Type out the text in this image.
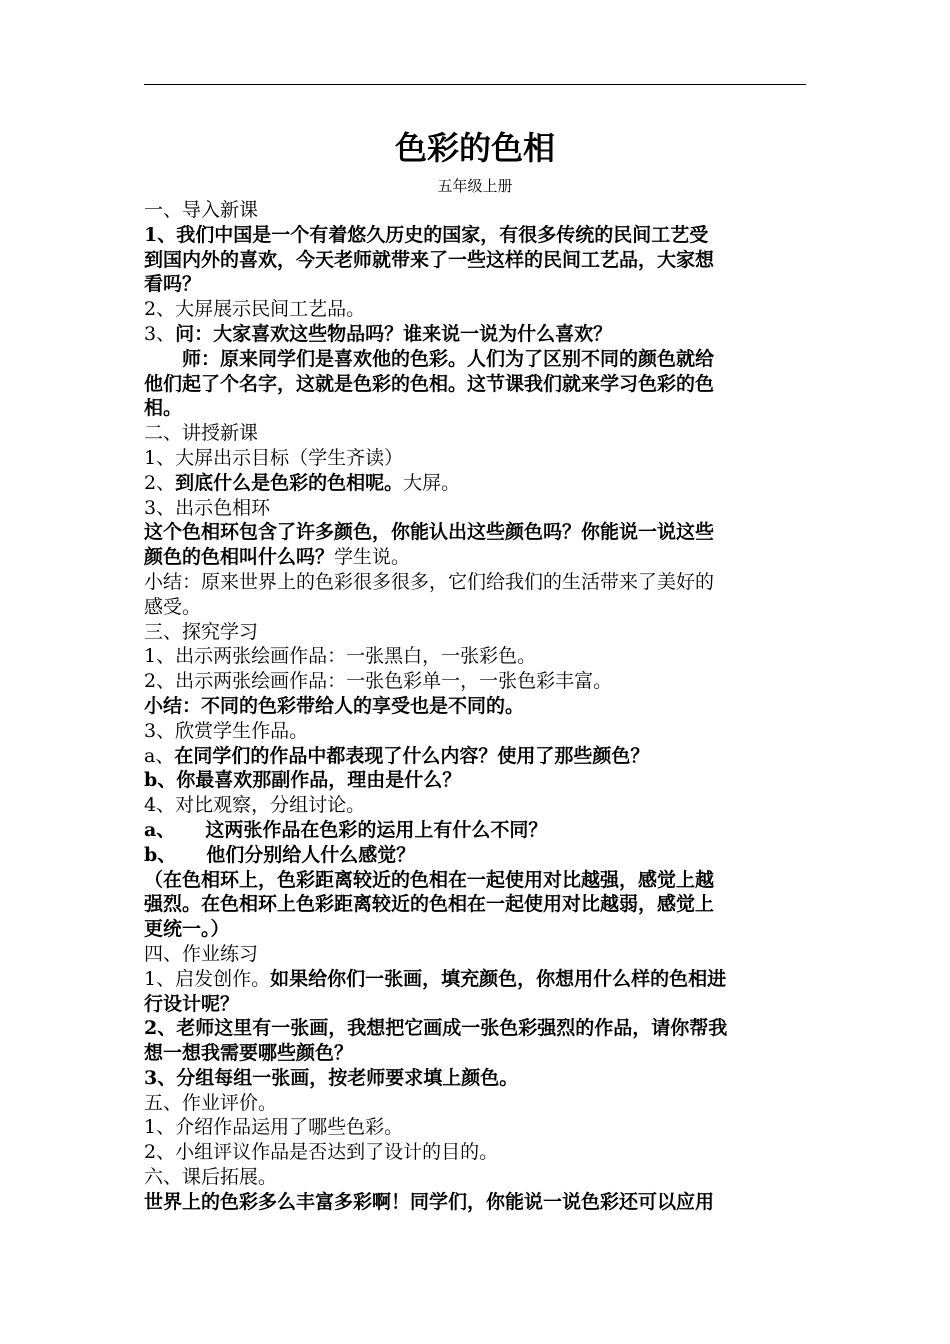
色彩的色相
五年级上册
一、导入新课
1、我们中国是一个有着悠久历史的国家，有很多传统的民间工艺受
到国内外的喜欢，今天老师就带来了一些这样的民间工艺品，大家想
看吗？
2、大屏展示民间工艺品。
3、问：大家喜欢这些物品吗？谁来说一说为什么喜欢？
师：原来同学们是喜欢他的色彩。人们为了区别不同的颜色就给
他们起了个名字，这就是色彩的色相。这节课我们就来学习色彩的色
相。
二、讲授新课
1、大屏出示目标（学生齐读）
2、到底什么是色彩的色相呢。大屏。
3、出示色相环
这个色相环包含了许多颜色，你能认出这些颜色吗？你能说一说这些
颜色的色相叫什么吗？学生说。
小结：原来世界上的色彩很多很多，它们给我们的生活带来了美好的
感受。
三、探究学习
1、出示两张绘画作品：一张黑白，一张彩色。
2、出示两张绘画作品：一张色彩单一，一张色彩丰富。
小结：不同的色彩带给人的享受也是不同的。
3、欣赏学生作品。
a、在同学们的作品中都表现了什么内容？使用了那些颜色？
b、你最喜欢那副作品，理由是什么？
4、对比观察，分组讨论。
a、 这两张作品在色彩的运用上有什么不同？
b、 他们分别给人什么感觉？
（在色相环上，色彩距离较近的色相在一起使用对比越强，感觉上越
强烈。在色相环上色彩距离较近的色相在一起使用对比越弱，感觉上
更统一。）
四、作业练习
1、启发创作。如果给你们一张画，填充颜色，你想用什么样的色相进
行设计呢？
2、老师这里有一张画，我想把它画成一张色彩强烈的作品，请你帮我
想一想我需要哪些颜色？
3、分组每组一张画，按老师要求填上颜色。
五、作业评价。
1、介绍作品运用了哪些色彩。
2、小组评议作品是否达到了设计的目的。
六、课后拓展。
世界上的色彩多么丰富多彩啊！同学们，你能说一说色彩还可以应用
